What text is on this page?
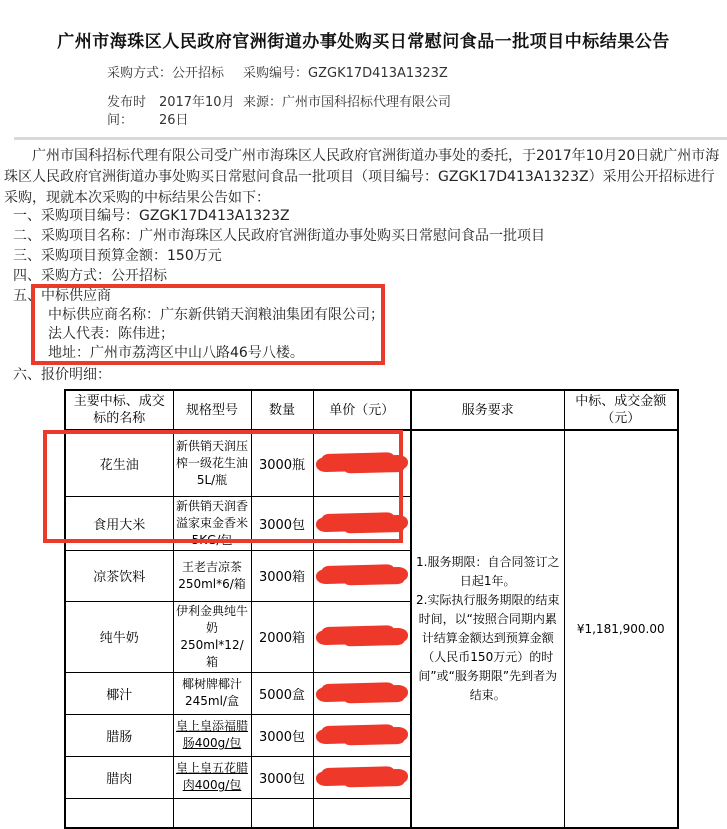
广州市海珠区人民政府官洲街道办事处购买日常慰问食品一批项目中标结果公告
采购方式： 公开招标 采购编号： GZGK17D413A1323Z
发布时间：
2017年10月26日
来源： 广州市国科招标代理有限公司

广州市国科招标代理有限公司受广州市海珠区人民政府官洲街道办事处的委托，于2017年10月20日就广州市海珠区人民政府官洲街道办事处购买日常慰问食品一批项目（项目编号：GZGK17D413A1323Z）采用公开招标进行采购，现就本次采购的中标结果公告如下：

一、采购项目编号：GZGK17D413A1323Z
二、采购项目名称：广州市海珠区人民政府官洲街道办事处购买日常慰问食品一批项目
三、采购项目预算金额：150万元
四、采购方式：公开招标
五、中标供应商
中标供应商名称：广东新供销天润粮油集团有限公司；
法人代表：陈伟进；
地址：广州市荔湾区中山八路46号八楼。
六、报价明细：
主要中标、成交标的名称	规格型号	数量	单价（元）	服务要求	中标、成交金额（元）
花生油	新供销天润压榨一级花生油5L/瓶	3000瓶		1.服务期限：自合同签订之日起1年。

2.实际执行服务期限的结束时间，以“按照合同期内累计结算金额达到预算金额（人民币150万元）的时间”或“服务期限”先到者为结束。	¥1,181,900.00
食用大米	新供销天润香溢家束金香米5KG/包	3000包			
凉茶饮料	王老吉凉茶250ml*6/箱	3000箱			
纯牛奶	伊利金典纯牛奶250ml*12/箱	2000箱			
椰汁	椰树牌椰汁245ml/盒	5000盒			
腊肠	皇上皇添福腊肠400g/包	3000包			
腊肉	皇上皇五花腊肉400g/包	3000包			
